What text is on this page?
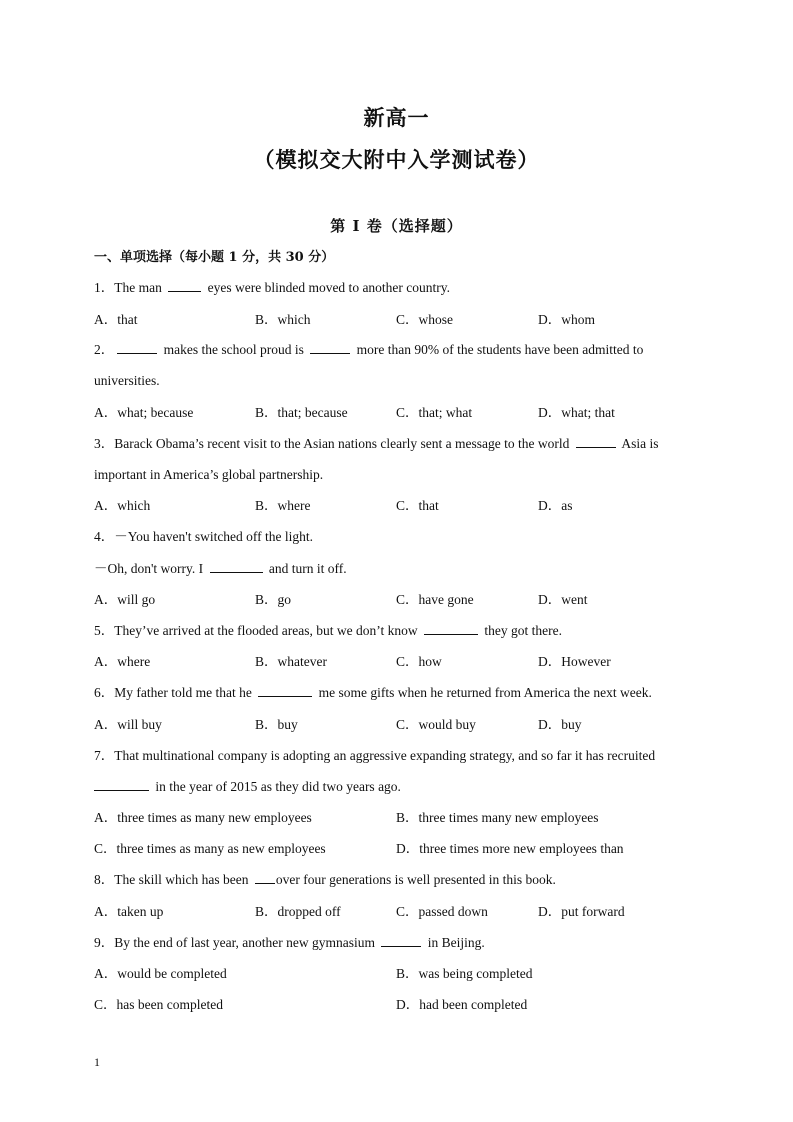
新高一
（模拟交大附中入学测试卷）
第 I 卷（选择题）
一、单项选择（每小题 1 分，共 30 分）
1．The man	eyes were blinded moved to another country.
A．that	B．which	C．whose	D．whom
2．	makes the school proud is	more than 90% of the students have been admitted to
universities.
A．what; because	B．that; because	C．that; what	D．what; that
3．Barack Obama’s recent visit to the Asian nations clearly sent a message to the world	Asia is
important in America’s global partnership.
A．which	B．where	C．that	D．as
4．－You haven't switched off the light.
－Oh, don't worry. I	and turn it off.
A．will go	B．go	C．have gone	D．went
5．They’ve arrived at the flooded areas, but we don’t know	they got there.
A．where	B．whatever	C．how	D．However
6．My father told me that he	me some gifts when he returned from America the next week.
A．will buy	B．buy	C．would buy	D．buy
7．That multinational company is adopting an aggressive expanding strategy, and so far it has recruited
in the year of 2015 as they did two years ago.
A．three times as many new employees	B．three times many new employees
C．three times as many as new employees	D．three times more new employees than
8．The skill which has been over four generations is well presented in this book.
A．taken up	B．dropped off	C．passed down	D．put forward
9．By the end of last year, another new gymnasium	in Beijing.
A．would be completed	B．was being completed
C．has been completed	D．had been completed
1
